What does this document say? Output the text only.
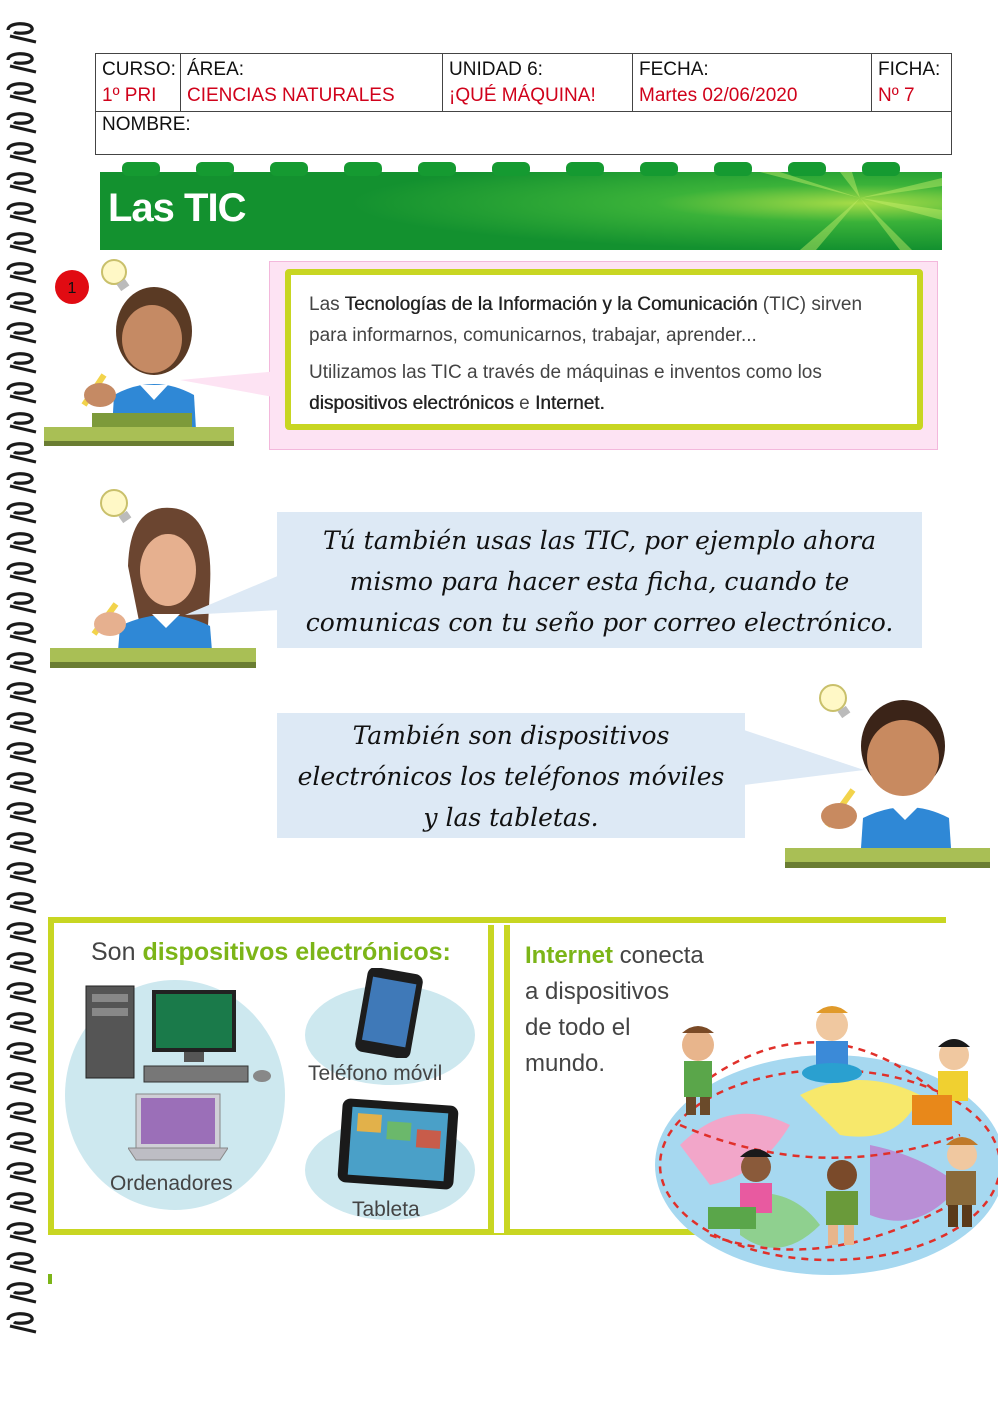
CURSO:
1º PRI
ÁREA:
CIENCIAS NATURALES
UNIDAD 6:
¡QUÉ MÁQUINA!
FECHA:
Martes 02/06/2020
FICHA:
Nº 7
NOMBRE:
Las TIC
1

Las Tecnologías de la Información y la Comunicación (TIC) sirven para informarnos, comunicarnos, trabajar, aprender...

Utilizamos las TIC a través de máquinas e inventos como los dispositivos electrónicos e Internet.

Tú también usas las TIC, por ejemplo ahora
mismo para hacer esta ficha, cuando te
comunicas con tu seño por correo electrónico.
También son dispositivos
electrónicos los teléfonos móviles
y las tabletas.
Son dispositivos electrónicos:
Ordenadores
Teléfono móvil
Tableta
Internet conecta
a dispositivos
de todo el
mundo.
